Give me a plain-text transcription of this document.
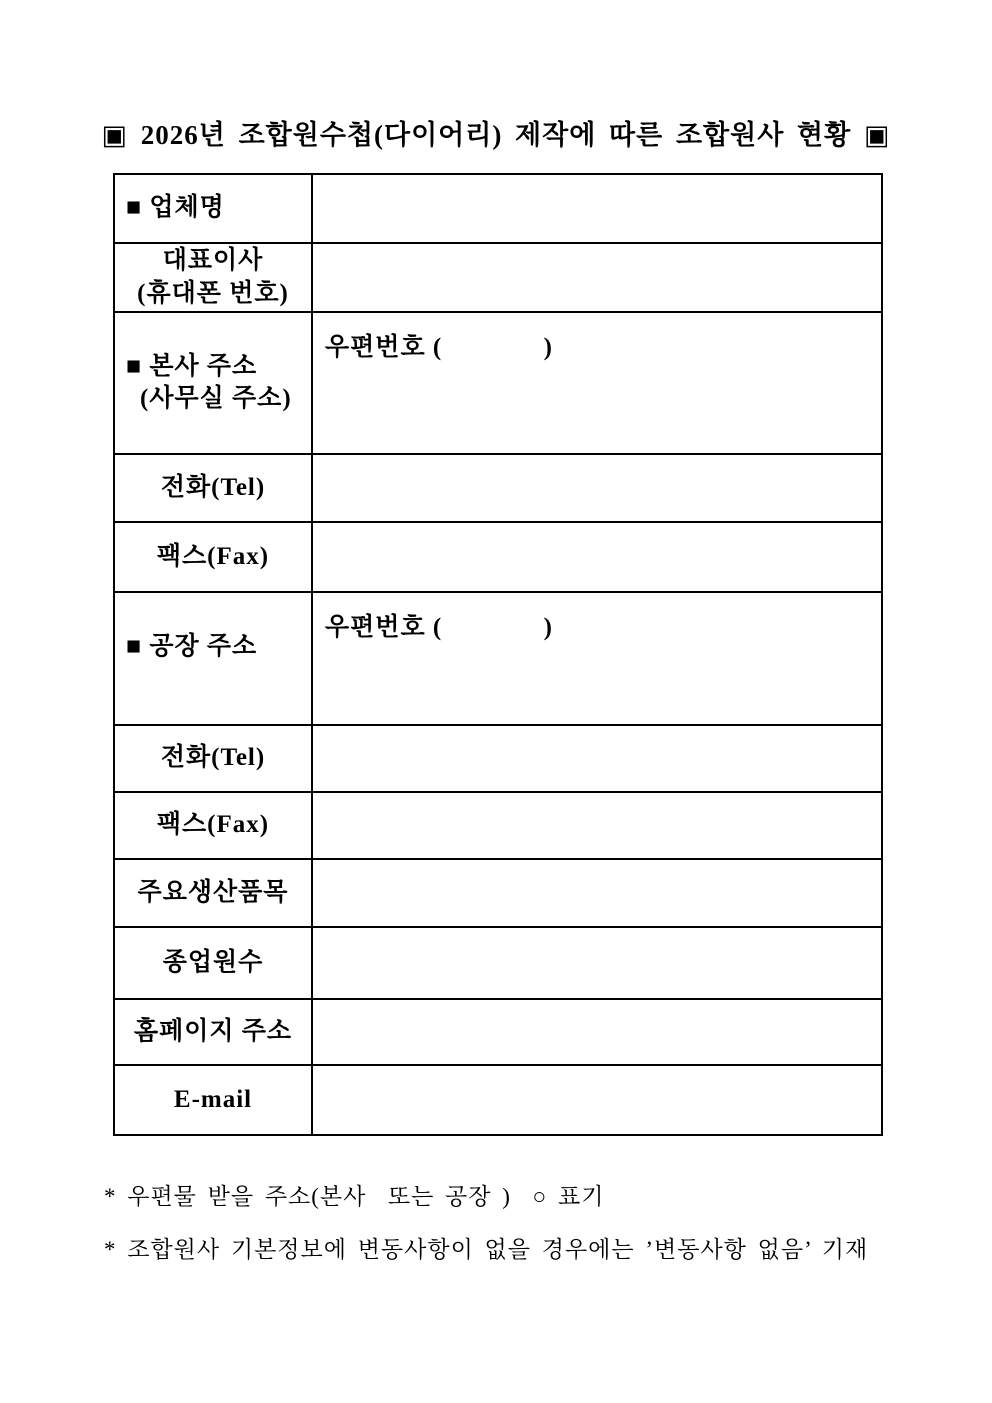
▣ 2026년 조합원수첩(다이어리) 제작에 따른 조합원사 현황 ▣
■ 업체명	

대표이사
(휴대폰 번호)	

■ 본사 주소
(사무실 주소)	우편번호 (              )

전화(Tel)	

팩스(Fax)	

■ 공장 주소	우편번호 (              )

전화(Tel)	

팩스(Fax)	

주요생산품목	

종업원수	

홈페이지 주소	

E-mail	

* 우편물 받을 주소(본사  또는 공장 )  ○ 표기
* 조합원사 기본정보에 변동사항이 없을 경우에는 ’변동사항 없음’ 기재
